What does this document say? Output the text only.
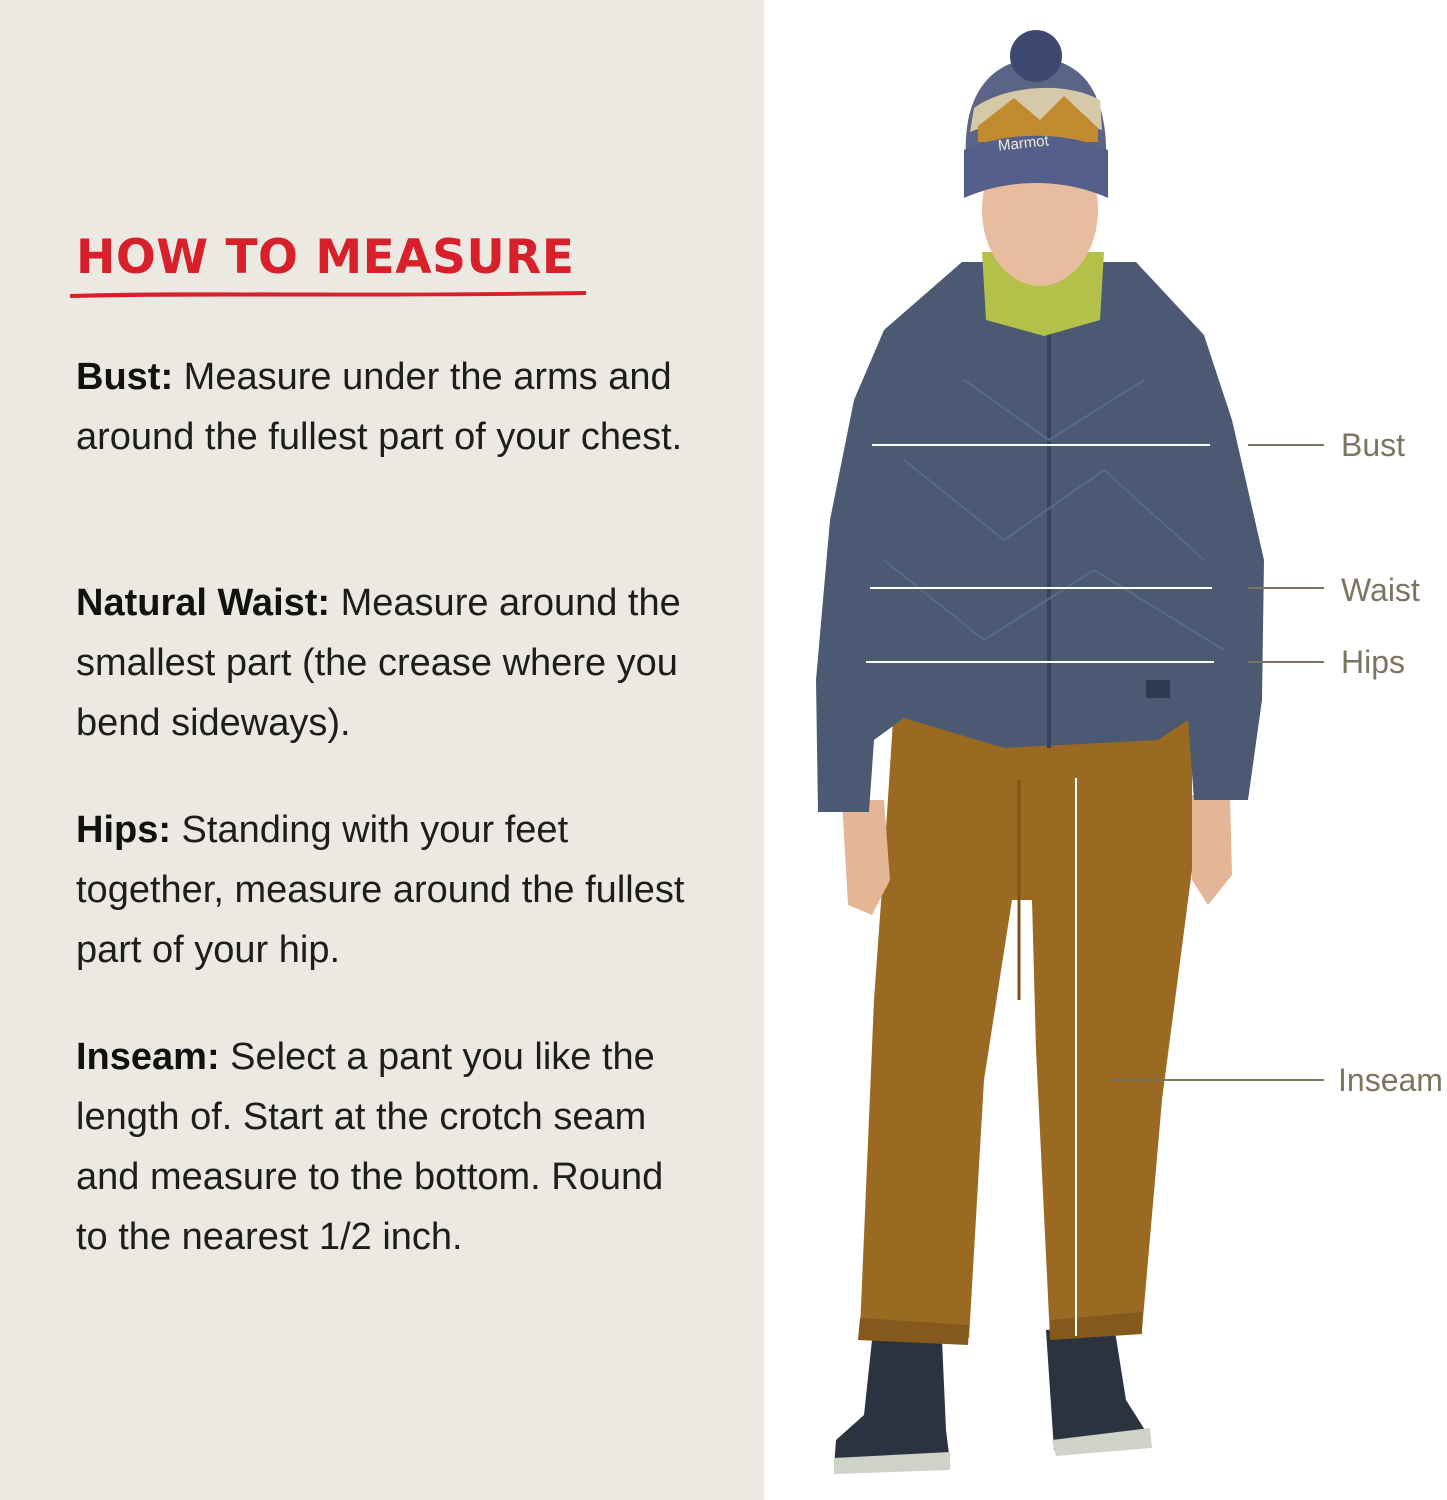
HOW TO MEASURE

Bust: Measure under the arms and around the fullest part of your chest.

Natural Waist: Measure around the smallest part (the crease where you bend sideways).

Hips: Standing with your feet together, measure around the fullest part of your hip.

Inseam: Select a pant you like the length of. Start at the crotch seam and measure to the bottom. Round to the nearest 1/2 inch.

Bust
Waist
Hips
Inseam
Marmot
